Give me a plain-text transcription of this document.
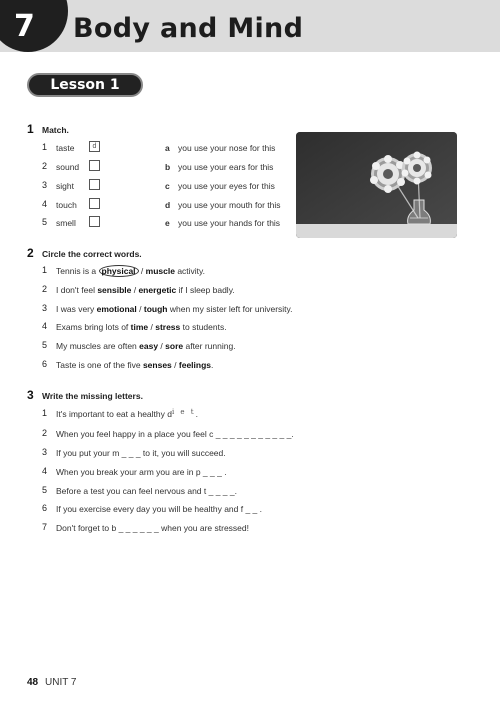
7 Body and Mind
Lesson 1
1 Match.
1 taste	d
2 sound
3 sight
4 touch
5 smell
a you use your nose for this
b you use your ears for this
c you use your eyes for this
d you use your mouth for this
e you use your hands for this
2 Circle the correct words.
1 Tennis is a physical / muscle activity.
2 I don't feel sensible / energetic if I sleep badly.
3 I was very emotional / tough when my sister left for university.
4 Exams bring lots of time / stress to students.
5 My muscles are often easy / sore after running.
6 Taste is one of the five senses / feelings.
3 Write the missing letters.
1 It's important to eat a healthy $d^{i e t}$.
2 When you feel happy in a place you feel c _ _ _ _ _ _ _ _ _ _ _.
3 If you put your m _ _ _ to it, you will succeed.
4 When you break your arm you are in p _ _ _ .
5 Before a test you can feel nervous and t _ _ _ _.
6 If you exercise every day you will be healthy and f _ _ .
7 Don't forget to b _ _ _ _ _ _ when you are stressed!
48 UNIT 7
